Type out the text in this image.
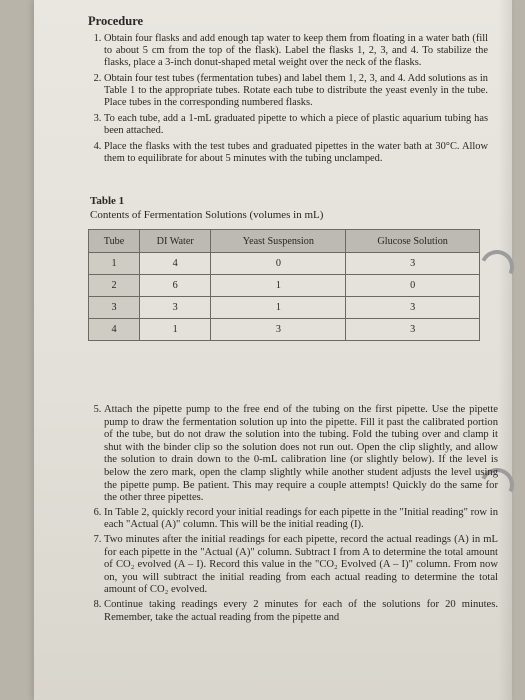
Procedure
1. Obtain four flasks and add enough tap water to keep them from floating in a water bath (fill to about 5 cm from the top of the flask). Label the flasks 1, 2, 3, and 4. To stabilize the flasks, place a 3-inch donut-shaped metal weight over the neck of the flasks.
2. Obtain four test tubes (fermentation tubes) and label them 1, 2, 3, and 4. Add solutions as in Table 1 to the appropriate tubes. Rotate each tube to distribute the yeast evenly in the tube. Place tubes in the corresponding numbered flasks.
3. To each tube, add a 1-mL graduated pipette to which a piece of plastic aquarium tubing has been attached.
4. Place the flasks with the test tubes and graduated pipettes in the water bath at 30°C. Allow them to equilibrate for about 5 minutes with the tubing unclamped.
Table 1
Contents of Fermentation Solutions (volumes in mL)
Tube	DI Water	Yeast Suspension	Glucose Solution
1	4	0	3
2	6	1	0
3	3	1	3
4	1	3	3
5. Attach the pipette pump to the free end of the tubing on the first pipette. Use the pipette pump to draw the fermentation solution up into the pipette. Fill it past the calibrated portion of the tube, but do not draw the solution into the tubing. Fold the tubing over and clamp it shut with the binder clip so the solution does not run out. Open the clip slightly, and allow the solution to drain down to the 0-mL calibration line (or slightly below). If the level is below the zero mark, open the clamp slightly while another student adjusts the level using the pipette pump. Be patient. This may require a couple attempts! Quickly do the same for the other three pipettes.
6. In Table 2, quickly record your initial readings for each pipette in the "Initial reading" row in each "Actual (A)" column. This will be the initial reading (I).
7. Two minutes after the initial readings for each pipette, record the actual readings (A) in mL for each pipette in the "Actual (A)" column. Subtract I from A to determine the total amount of CO₂ evolved (A – I). Record this value in the "CO₂ Evolved (A – I)" column. From now on, you will subtract the initial reading from each actual reading to determine the total amount of CO₂ evolved.
8. Continue taking readings every 2 minutes for each of the solutions for 20 minutes. Remember, take the actual reading from the pipette and
